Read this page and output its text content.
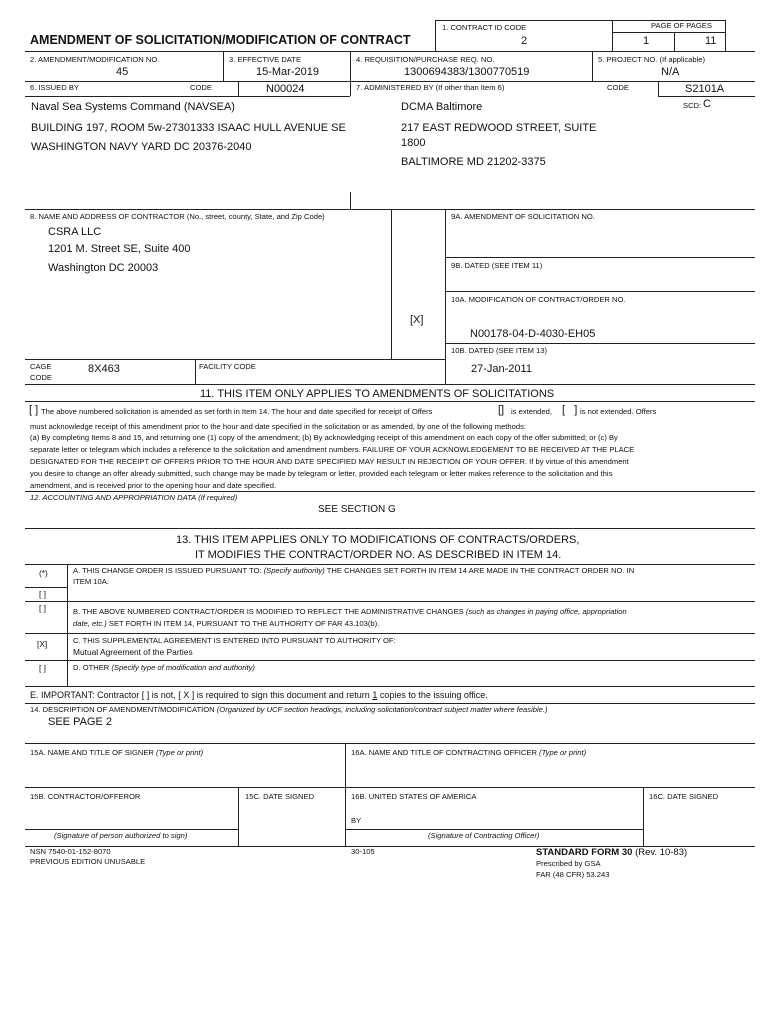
1. CONTRACT ID CODE
2
PAGE OF PAGES
1	11
AMENDMENT OF SOLICITATION/MODIFICATION OF CONTRACT
2. AMENDMENT/MODIFICATION NO.
45
3. EFFECTIVE DATE
15-Mar-2019
4. REQUISITION/PURCHASE REQ. NO.
1300694383/1300770519
5. PROJECT NO. (If applicable)
N/A
6. ISSUED BY	CODE	N00024	7. ADMINISTERED BY (If other than Item 6)	CODE	S2101A
SCD: C
Naval Sea Systems Command (NAVSEA)
BUILDING 197, ROOM 5w-27301333 ISAAC HULL AVENUE SE
WASHINGTON NAVY YARD DC 20376-2040
DCMA Baltimore
217 EAST REDWOOD STREET, SUITE
1800
BALTIMORE MD 21202-3375
8. NAME AND ADDRESS OF CONTRACTOR (No., street, county, State, and Zip Code)
CSRA LLC
1201 M. Street SE, Suite 400
Washington DC 20003
[X]
9A. AMENDMENT OF SOLICITATION NO.
9B. DATED (SEE ITEM 11)
10A. MODIFICATION OF CONTRACT/ORDER NO.
N00178-04-D-4030-EH05
10B. DATED (SEE ITEM 13)
27-Jan-2011
CAGE
CODE
8X463	FACILITY CODE
11. THIS ITEM ONLY APPLIES TO AMENDMENTS OF SOLICITATIONS
[ ] The above numbered solicitation is amended as set forth in Item 14. The hour and date specified for receipt of Offers	[] is extended, [   ] is not extended. Offers
must acknowledge receipt of this amendment prior to the hour and date specified in the solicitation or as amended, by one of the following methods:
(a) By completing Items 8 and 15, and returning one (1) copy of the amendment; (b) By acknowledging receipt of this amendment on each copy of the offer submitted; or (c) By
separate letter or telegram which includes a reference to the solicitation and amendment numbers. FAILURE OF YOUR ACKNOWLEDGEMENT TO BE RECEIVED AT THE PLACE
DESIGNATED FOR THE RECEIPT OF OFFERS PRIOR TO THE HOUR AND DATE SPECIFIED MAY RESULT IN REJECTION OF YOUR OFFER. If by virtue of this amendment
you desire to change an offer already submitted, such change may be made by telegram or letter, provided each telegram or letter makes reference to the solicitation and this
amendment, and is received prior to the opening hour and date specified.
12. ACCOUNTING AND APPROPRIATION DATA (If required)
SEE SECTION G
13. THIS ITEM APPLIES ONLY TO MODIFICATIONS OF CONTRACTS/ORDERS,
IT MODIFIES THE CONTRACT/ORDER NO. AS DESCRIBED IN ITEM 14.
(*)	A. THIS CHANGE ORDER IS ISSUED PURSUANT TO: (Specify authority) THE CHANGES SET FORTH IN ITEM 14 ARE MADE IN THE CONTRACT ORDER NO. IN
ITEM 10A.
[ ]
[ ]	B. THE ABOVE NUMBERED CONTRACT/ORDER IS MODIFIED TO REFLECT THE ADMINISTRATIVE CHANGES (such as changes in paying office, appropriation
date, etc.) SET FORTH IN ITEM 14, PURSUANT TO THE AUTHORITY OF FAR 43.103(b).
[X]	C. THIS SUPPLEMENTAL AGREEMENT IS ENTERED INTO PURSUANT TO AUTHORITY OF:
Mutual Agreement of the Parties
[ ]	D. OTHER (Specify type of modification and authority)
E. IMPORTANT: Contractor [ ] is not, [ X ] is required to sign this document and return 1 copies to the issuing office.
14. DESCRIPTION OF AMENDMENT/MODIFICATION (Organized by UCF section headings, including solicitation/contract subject matter where feasible.)
SEE PAGE 2
15A. NAME AND TITLE OF SIGNER (Type or print)	16A. NAME AND TITLE OF CONTRACTING OFFICER (Type or print)
15B. CONTRACTOR/OFFEROR	15C. DATE SIGNED	16B. UNITED STATES OF AMERICA	16C. DATE SIGNED
BY
(Signature of person authorized to sign)	(Signature of Contracting Officer)
NSN 7540-01-152-8070
PREVIOUS EDITION UNUSABLE
30-105	STANDARD FORM 30 (Rev. 10-83)
Prescribed by GSA
FAR (48 CFR) 53.243
